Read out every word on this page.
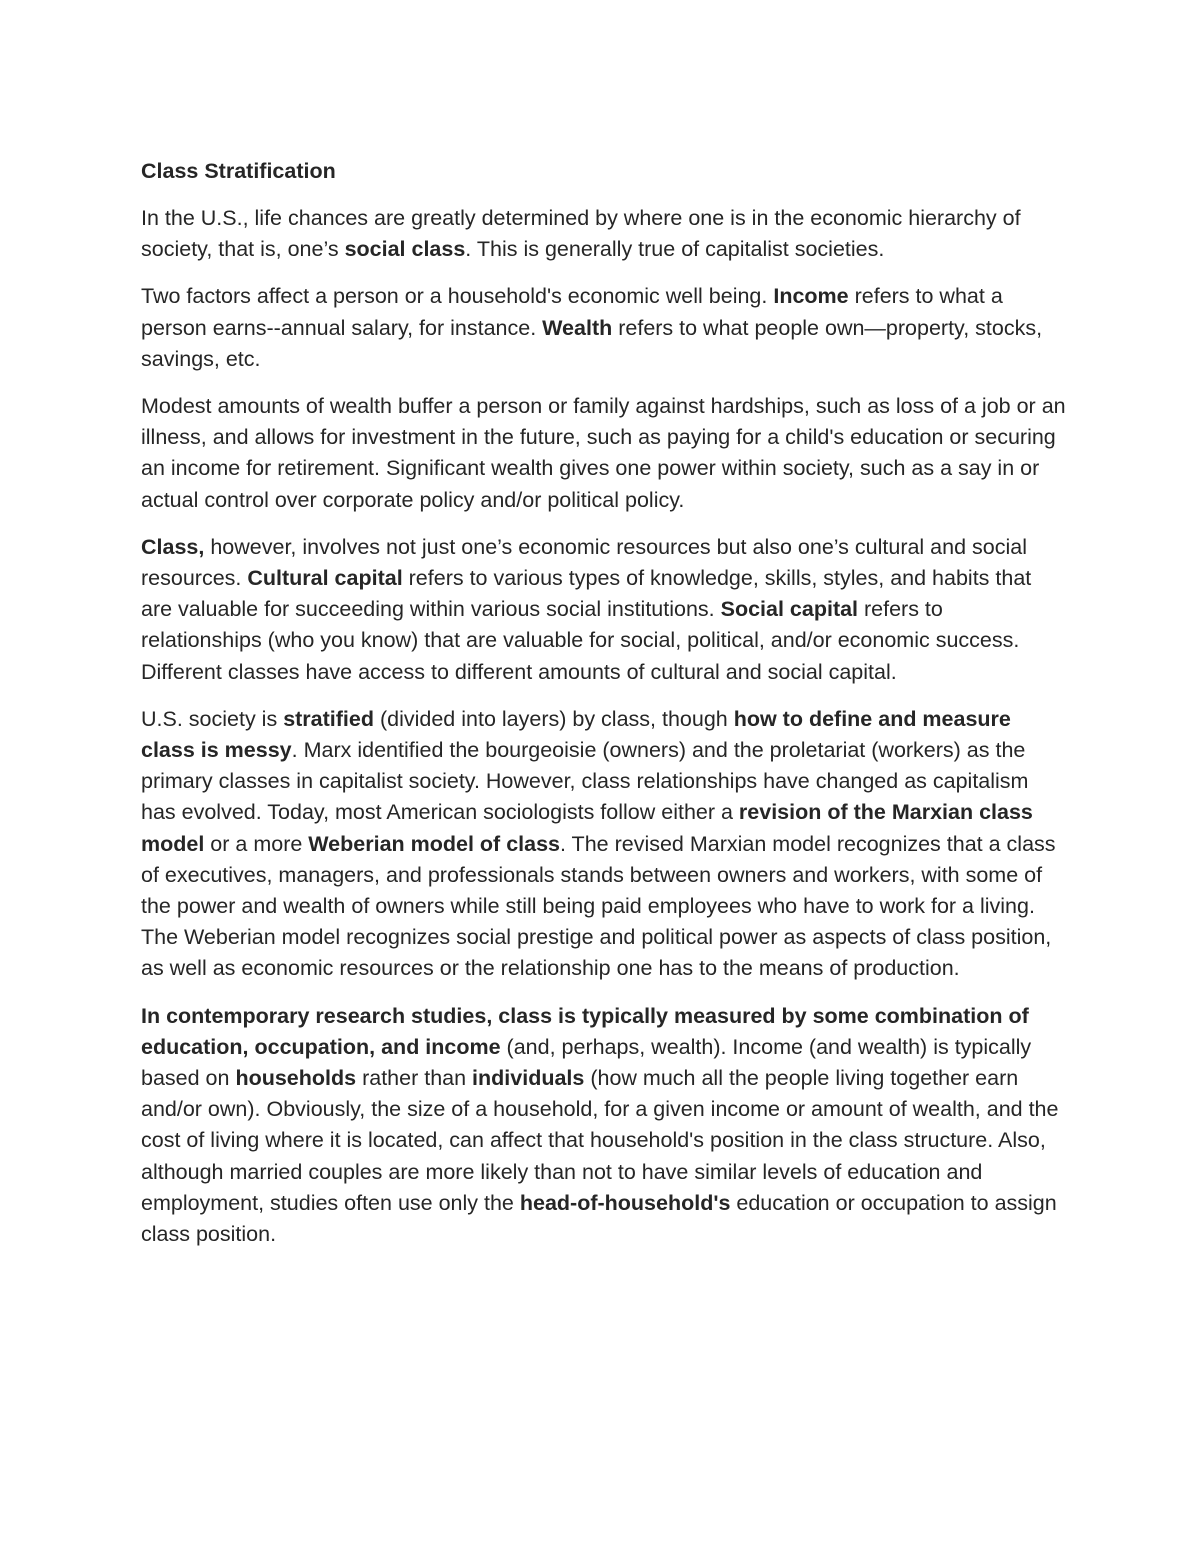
Class Stratification

In the U.S., life chances are greatly determined by where one is in the economic hierarchy of society, that is, one’s social class. This is generally true of capitalist societies.

Two factors affect a person or a household's economic well being. Income refers to what a person earns--annual salary, for instance. Wealth refers to what people own—property, stocks, savings, etc.

Modest amounts of wealth buffer a person or family against hardships, such as loss of a job or an illness, and allows for investment in the future, such as paying for a child's education or securing an income for retirement. Significant wealth gives one power within society, such as a say in or actual control over corporate policy and/or political policy.

Class, however, involves not just one’s economic resources but also one’s cultural and social resources. Cultural capital refers to various types of knowledge, skills, styles, and habits that are valuable for succeeding within various social institutions. Social capital refers to relationships (who you know) that are valuable for social, political, and/or economic success. Different classes have access to different amounts of cultural and social capital.

U.S. society is stratified (divided into layers) by class, though how to define and measure class is messy. Marx identified the bourgeoisie (owners) and the proletariat (workers) as the primary classes in capitalist society. However, class relationships have changed as capitalism has evolved. Today, most American sociologists follow either a revision of the Marxian class model or a more Weberian model of class. The revised Marxian model recognizes that a class of executives, managers, and professionals stands between owners and workers, with some of the power and wealth of owners while still being paid employees who have to work for a living. The Weberian model recognizes social prestige and political power as aspects of class position, as well as economic resources or the relationship one has to the means of production.

In contemporary research studies, class is typically measured by some combination of education, occupation, and income (and, perhaps, wealth). Income (and wealth) is typically based on households rather than individuals (how much all the people living together earn and/or own). Obviously, the size of a household, for a given income or amount of wealth, and the cost of living where it is located, can affect that household's position in the class structure. Also, although married couples are more likely than not to have similar levels of education and employment, studies often use only the head-of-household's education or occupation to assign class position.
